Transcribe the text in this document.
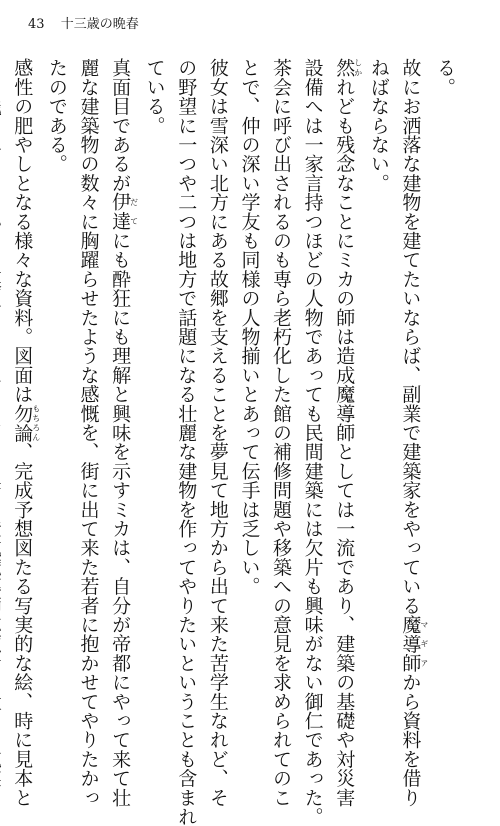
43 十三歳の晩春
る。
故にお洒落な建物を建てたいならば、副業で建築家をやっている魔導師マギアから資料を借り
ねばならない。
然しかれども残念なことにミカの師は造成魔導師としては一流であり、建築の基礎や対災害
設備へは一家言持つほどの人物であっても民間建築には欠片も興味がない御仁であった。
茶会に呼び出されるのも専ら老朽化した館の補修問題や移築への意見を求められてのこ
とで、仲の深い学友も同様の人物揃いとあって伝手は乏しい。
彼女は雪深い北方にある故郷を支えることを夢見て地方から出て来た苦学生なれど、そ
の野望に一つや二つは地方で話題になる壮麗な建物を作ってやりたいということも含まれ
ている。
真面目であるが伊達だてにも酔狂にも理解と興味を示すミカは、自分が帝都にやって来て壮
麗な建築物の数々に胸躍らせたような感慨を、街に出て来た若者に抱かせてやりたかっ
たのである。
感性の肥やしとなる様々な資料。図面は勿論もちろん、完成予想図たる写実的な絵、時に見本と
